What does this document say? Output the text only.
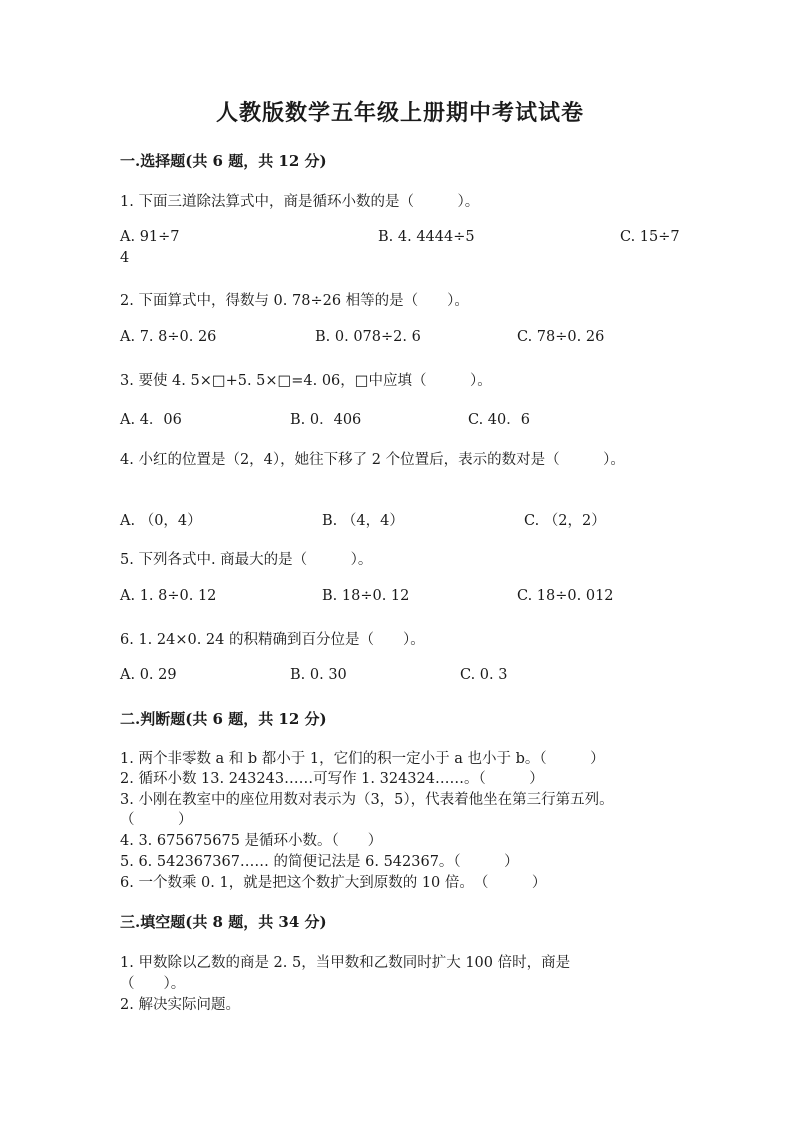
人教版数学五年级上册期中考试试卷
一.选择题(共 6 题，共 12 分)
1. 下面三道除法算式中，商是循环小数的是（　　　）。
A. 91÷7	B. 4. 4444÷5	C. 15÷7
4
2. 下面算式中，得数与 0. 78÷26 相等的是（　　）。
A. 7. 8÷0. 26	B. 0. 078÷2. 6	C. 78÷0. 26
3. 要使 4. 5×□+5. 5×□=4. 06，□中应填（　　　）。
A. 4．06	B. 0．406	C. 40．6
4. 小红的位置是（2，4），她往下移了 2 个位置后，表示的数对是（　　　）。
A. （0，4）	B. （4，4）	C. （2，2）
5. 下列各式中. 商最大的是（　　　）。
A. 1. 8÷0. 12	B. 18÷0. 12	C. 18÷0. 012
6. 1. 24×0. 24 的积精确到百分位是（　　）。
A. 0. 29	B. 0. 30	C. 0. 3
二.判断题(共 6 题，共 12 分)
1. 两个非零数 a 和 b 都小于 1，它们的积一定小于 a 也小于 b。（　　　）
2. 循环小数 13. 243243……可写作 1. 324324……。（　　　）
3. 小刚在教室中的座位用数对表示为（3，5），代表着他坐在第三行第五列。
（　　　）
4. 3. 675675675 是循环小数。（　　）
5. 6. 542367367…… 的简便记法是 6. 542367。（　　　）
6. 一个数乘 0. 1，就是把这个数扩大到原数的 10 倍。　（　　　）
三.填空题(共 8 题，共 34 分)
1. 甲数除以乙数的商是 2. 5，当甲数和乙数同时扩大 100 倍时，商是
（　　）。
2. 解决实际问题。
